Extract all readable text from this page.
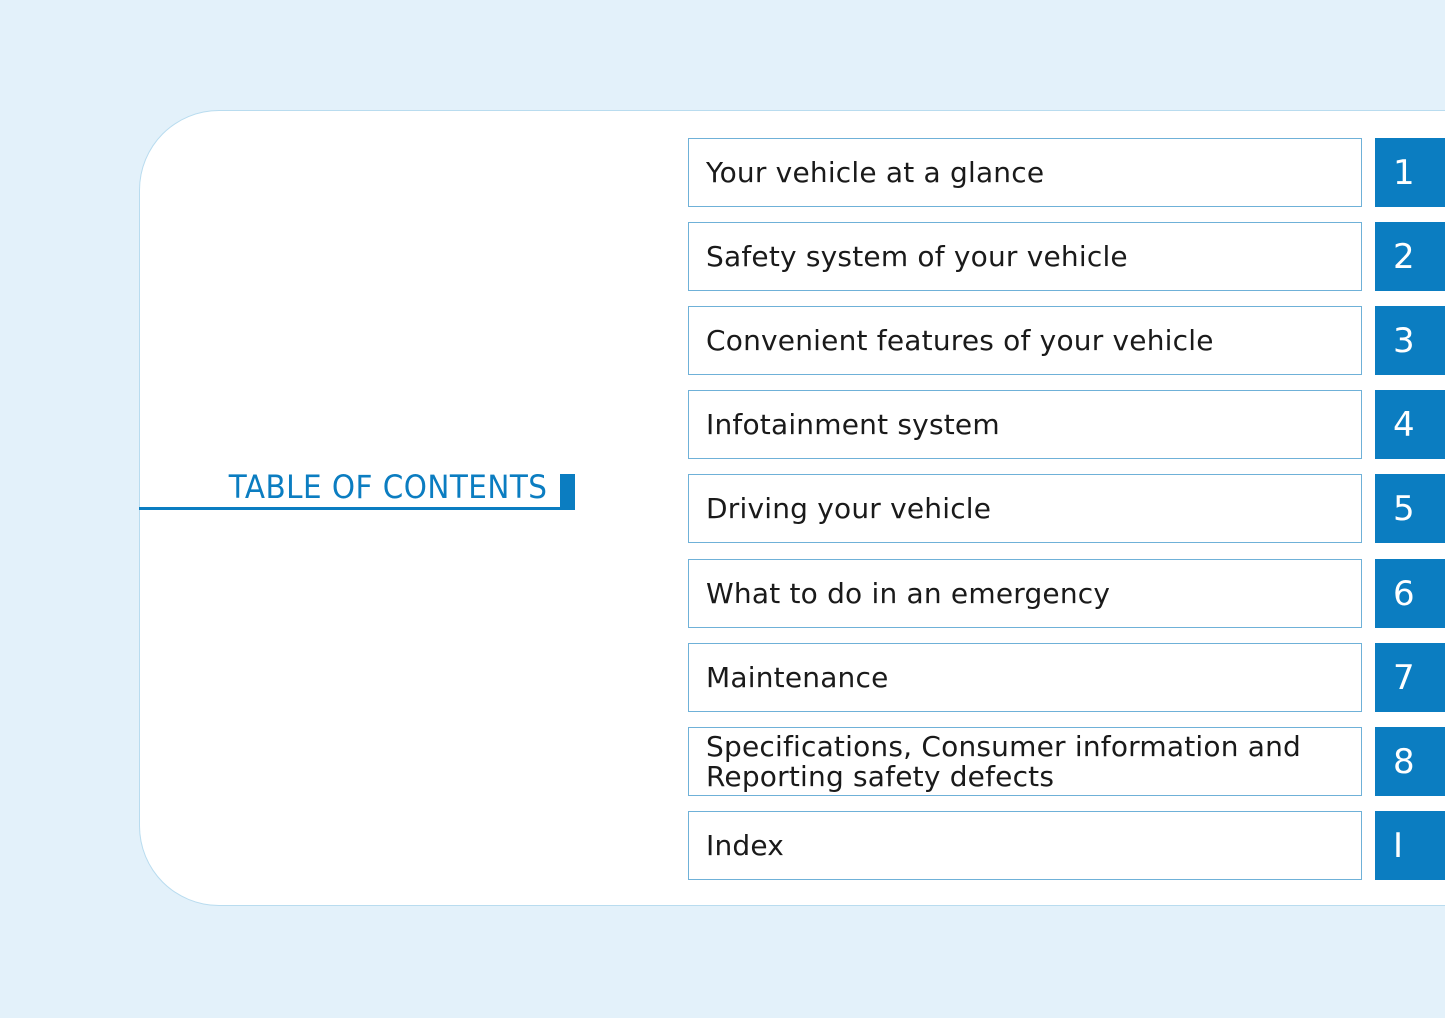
TABLE OF CONTENTS
Your vehicle at a glance	1
Safety system of your vehicle	2
Convenient features of your vehicle	3
Infotainment system	4
Driving your vehicle	5
What to do in an emergency	6
Maintenance	7
Specifications, Consumer information and
Reporting safety defects	8
Index	I
